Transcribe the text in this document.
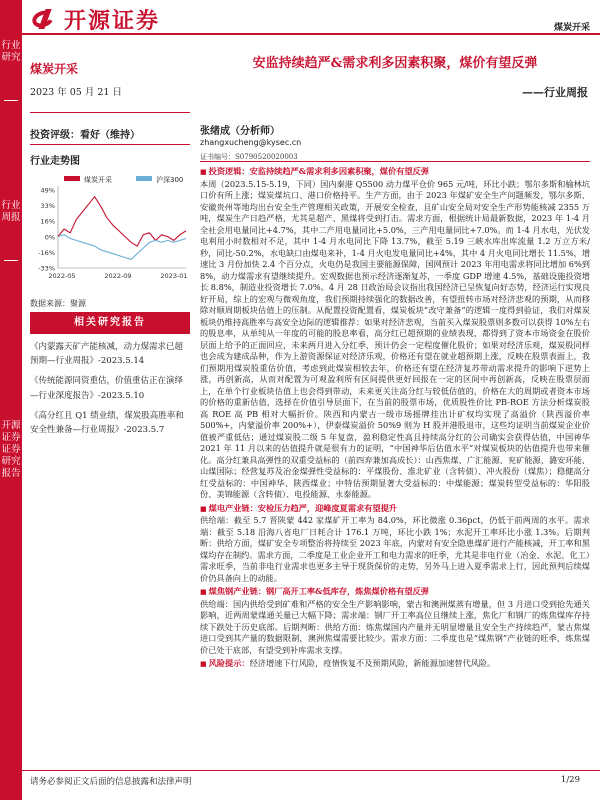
行业研究
行业周报
开源证券证券研究报告
开源证券	煤炭开采
煤炭开采
2023 年 05 月 21 日
投资评级：看好（维持）
行业走势图
煤炭开采	沪深300
49%
33%
16%
0%
-16%
-33%
2022-05	2022-09	2023-01
数据来源：聚源
相关研究报告
《内蒙露天矿产能核减，动力煤需求已超预期—行业周报》-2023.5.14
《传统能源同资重估，价值重估正在演绎—行业深度报告》-2023.5.10
《高分红且 Q1 绩业绩，煤炭股高胜率和安全性兼备—行业周报》-2023.5.7
安监持续趋严&需求利多因素积聚，煤价有望反弹
——行业周报
张绪成（分析师）
zhangxucheng@kysec.cn
证书编号：S0790520020003

■ 投资逻辑：安监持续趋严&需求利多因素积聚，煤价有望反弹
本周（2023.5.15-5.19，下同）国内秦港 Q5500 动力煤平仓价 965 元/吨，环比小跌；鄂尔多斯和榆林坑口价有所上涨；煤炭煤坑口、港口价格持平。生产方面，由于 2023 年煤矿安全生产问题频发，鄂尔多斯、安徽贵州等地均出台安全生产管理相关政策，开展安全检查，且矿山安全局对安全生产形势能核减 2355 万吨，煤炭生产日趋严格，尤其是超产、黑煤将受到打击。需求方面，根据统计局最新数据，2023 年 1-4 月全社会用电量同比+4.7%，其中二产用电量同比+5.0%，三产用电量同比+7.0%。而 1-4 月水电，光伏发电利用小时数相对不足，其中 1-4 月水电同比下降 13.7%，截至 5.19 三峡水库出库流量 1.2 万立方米/秒，同比-50.2%，水电缺口由煤电来补，1-4 月火电发电量同比+4%，其中 4 月火电同比增长 11.5%，增速比 3 月份加快 2.4 个百分点，火电仍是我国主要能源保障，国网预计 2023 年用电需求将同比增加 6%到 8%，动力煤需求有望继续提升。宏观数据也预示经济逐渐复苏，一季度 GDP 增速 4.5%，基础设施投资增长 8.8%，制造业投资增长 7.0%。4 月 28 日政治局会议指出我国经济已呈恢复向好态势，经济运行实现良好开局，综上的宏观与微观角度，我们预期持续强化的数据改善，有望扭转市场对经济悲观的预期，从而移除对顺周期板块估值上的压制。从配置投资配置看，煤炭板块“改守兼备”的逻辑一度得到验证，我们对煤炭板块仍维持高胜率与高安全边际的逻辑推荐：如果对经济悲观，当前买入煤炭股票则多数可以获得 10%左右的股息率，从单纯从一年度的可能的股息率看，高分红已超预期的业绩表现，都得到了资本市场资金在股价层面上给予的正面回应，未来两月进入分红季，预计仍会一定程度催化股价；如果对经济乐观，煤炭股同样也会成为建成品种，作为上游资源保证对经济乐观，价格还有望在就业超预期上涨，反映在股票表面上，我们预期用煤炭股重估价值，考虑到此煤炭相较去年，价格还有望在经济复苏带动需求提升的影响下逆势上涨，再创新高，从而对配置为可观盈利所有区间提供更好回报在一定的区间中再创新高，反映在股票层面上，在单个行业板块估值上也会得到带动，未来更关注高分红与较低估值的，价格在大的周期或者资本市场的价格的重新估值，选择在价值引导层面下，在当前的股票市场，优质股性价比 PB-ROE 方法分析煤炭股高 ROE 高 PB 相对大幅折价。陕西和内蒙古一级市场摇牌挂出计矿权均实现了高溢价（陕西溢价率 500%+，内蒙溢价率 200%+），伊泰煤炭溢价 50%9 则为 H 股并港股退市，这些均证明当前煤炭企业价值被严重低估；通过煤炭股二级 5 年复盘，盈利稳定性高且持续高分红的公司确实会获得估值，中国神华 2021 年 11 月以来的估值提升就是很有力的证明，“中国神华后估值水平”对煤炭板块的估值提升也带来催化。高分红兼具高弹性的双重受益标的（前四弃兼加高成长）：山西焦煤、广汇能源、兖矿能源、潞安环能、山煤国际；经营复苏及冶金煤弹性受益标的：平煤股份、淮北矿业（含转债）、冲火股份（煤焦）；稳健高分红受益标的：中国神华、陕西煤业；中特估预期显著大受益标的：中煤能源；煤炭转型受益标的：华阳股份、美锦能源（含转债）、电投能源、永泰能源。

■ 煤电产业链：安检压力趋严，迎峰度夏需求有望提升
供给端：截至 5.7 晋陕蒙 442 家煤矿开工率为 84.0%，环比微涨 0.36pct，仍低于前两周的水平。需求端：截至 5.18 沿海八省电厂日耗合计 176.1 万吨，环比小跌 1%；水泥开工率环比小涨 1.3%。后期判断：供给方面，煤矿安全专项整治将持续至 2023 年底，内蒙对有安全隐患煤矿进行产能核减，开工率和黑煤均存在制约。需求方面，二季度是工业企业开工和电力需求的旺季，尤其是非电行业（冶金、水泥、化工）需求旺季，当前非电行业需求也更多主导于现货保价的走势，另外马上进入夏季需求上行，因此预判后续煤价仍具备向上的动能。

■ 煤焦钢产业链：钢厂高开工率&低库存，炼焦煤价格有望反弹
供给端：国内供给受到矿难和严格的安全生产影响影响，蒙古和澳洲煤蒸有增量，但 3 月进口受到抢先通关影响，近两周蒙煤通关量已大幅下降；需求端：钢厂开工率高位且继续上涨，焦化厂和钢厂的炼焦煤库存持续下跌处于历史底部。后期判断：供给方面：炼焦煤国内产量并无明显增量且安全生产持续趋严，蒙古焦煤进口受到其产量的数据限制，澳洲焦煤需要比较少。需求方面：二季度也是“煤焦钢”产业链的旺季，炼焦煤价已处于底部，有望受到补库需求支撑。

■ 风险提示：经济增速下行风险，疫情恢复不及预期风险，新能源加速替代风险。

请务必参阅正文后面的信息披露和法律声明	1/29
